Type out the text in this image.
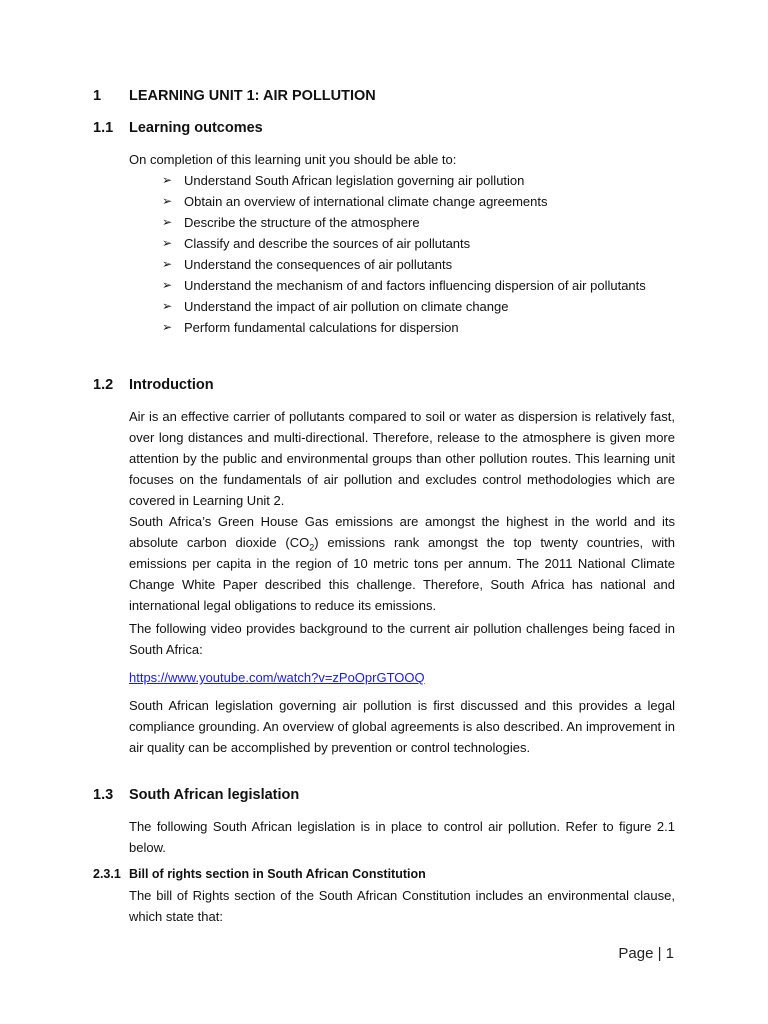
1 LEARNING UNIT 1: AIR POLLUTION
1.1 Learning outcomes
On completion of this learning unit you should be able to:
➢ Understand South African legislation governing air pollution
➢ Obtain an overview of international climate change agreements
➢ Describe the structure of the atmosphere
➢ Classify and describe the sources of air pollutants
➢ Understand the consequences of air pollutants
➢ Understand the mechanism of and factors influencing dispersion of air pollutants
➢ Understand the impact of air pollution on climate change
➢ Perform fundamental calculations for dispersion
1.2 Introduction
Air is an effective carrier of pollutants compared to soil or water as dispersion is relatively fast, over long distances and multi-directional. Therefore, release to the atmosphere is given more attention by the public and environmental groups than other pollution routes. This learning unit focuses on the fundamentals of air pollution and excludes control methodologies which are covered in Learning Unit 2.
South Africa’s Green House Gas emissions are amongst the highest in the world and its absolute carbon dioxide $(CO_2)$ emissions rank amongst the top twenty countries, with emissions per capita in the region of 10 metric tons per annum. The 2011 National Climate Change White Paper described this challenge. Therefore, South Africa has national and international legal obligations to reduce its emissions.
The following video provides background to the current air pollution challenges being faced in South Africa:
https://www.youtube.com/watch?v=zPoOprGTOOQ
South African legislation governing air pollution is first discussed and this provides a legal compliance grounding. An overview of global agreements is also described. An improvement in air quality can be accomplished by prevention or control technologies.
1.3 South African legislation
The following South African legislation is in place to control air pollution. Refer to figure 2.1 below.
2.3.1 Bill of rights section in South African Constitution
The bill of Rights section of the South African Constitution includes an environmental clause, which state that:
Page | 1
